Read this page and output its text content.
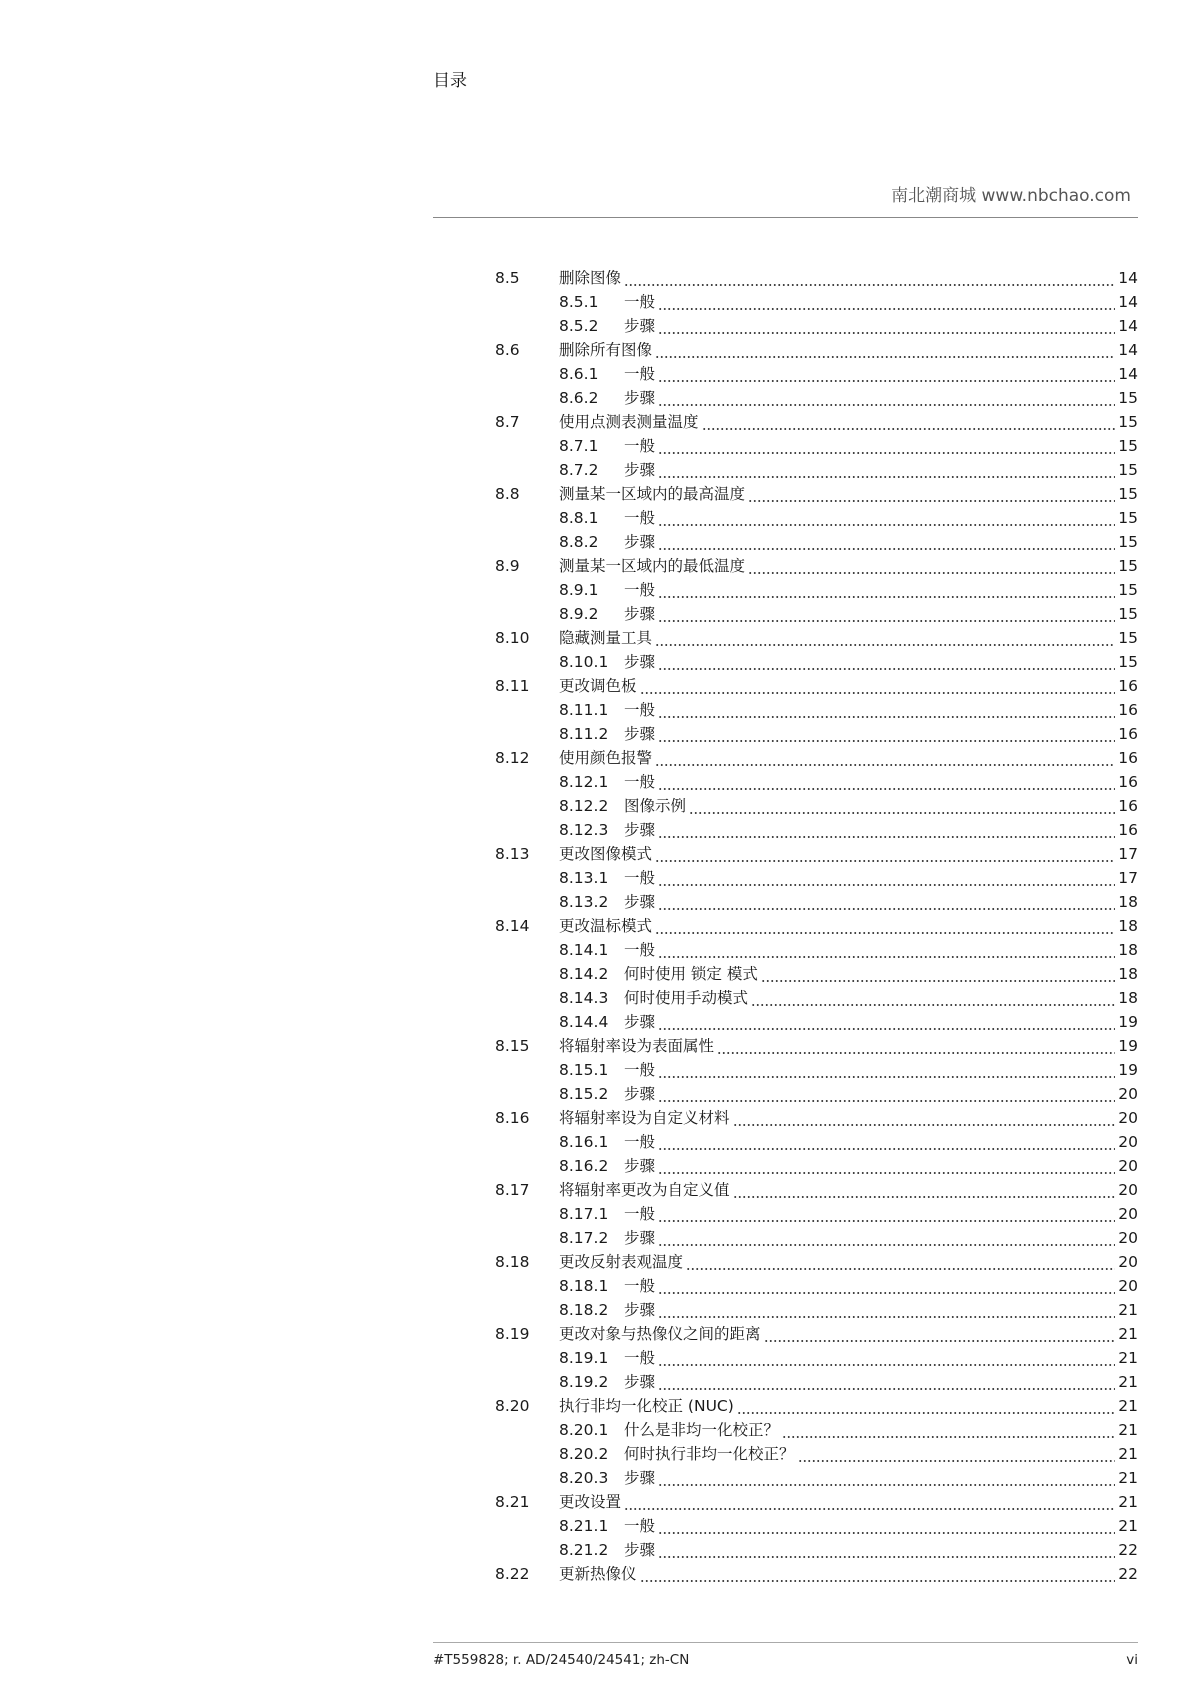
目录
南北潮商城 www.nbchao.com
8.5	删除图像	14
8.5.1	一般	14
8.5.2	步骤	14
8.6	删除所有图像	14
8.6.1	一般	14
8.6.2	步骤	15
8.7	使用点测表测量温度	15
8.7.1	一般	15
8.7.2	步骤	15
8.8	测量某一区域内的最高温度	15
8.8.1	一般	15
8.8.2	步骤	15
8.9	测量某一区域内的最低温度	15
8.9.1	一般	15
8.9.2	步骤	15
8.10	隐藏测量工具	15
8.10.1	步骤	15
8.11	更改调色板	16
8.11.1	一般	16
8.11.2	步骤	16
8.12	使用颜色报警	16
8.12.1	一般	16
8.12.2	图像示例	16
8.12.3	步骤	16
8.13	更改图像模式	17
8.13.1	一般	17
8.13.2	步骤	18
8.14	更改温标模式	18
8.14.1	一般	18
8.14.2	何时使用 锁定 模式	18
8.14.3	何时使用手动模式	18
8.14.4	步骤	19
8.15	将辐射率设为表面属性	19
8.15.1	一般	19
8.15.2	步骤	20
8.16	将辐射率设为自定义材料	20
8.16.1	一般	20
8.16.2	步骤	20
8.17	将辐射率更改为自定义值	20
8.17.1	一般	20
8.17.2	步骤	20
8.18	更改反射表观温度	20
8.18.1	一般	20
8.18.2	步骤	21
8.19	更改对象与热像仪之间的距离	21
8.19.1	一般	21
8.19.2	步骤	21
8.20	执行非均一化校正 (NUC)	21
8.20.1	什么是非均一化校正？	21
8.20.2	何时执行非均一化校正？	21
8.20.3	步骤	21
8.21	更改设置	21
8.21.1	一般	21
8.21.2	步骤	22
8.22	更新热像仪	22
#T559828; r. AD/24540/24541; zh-CN	vi
